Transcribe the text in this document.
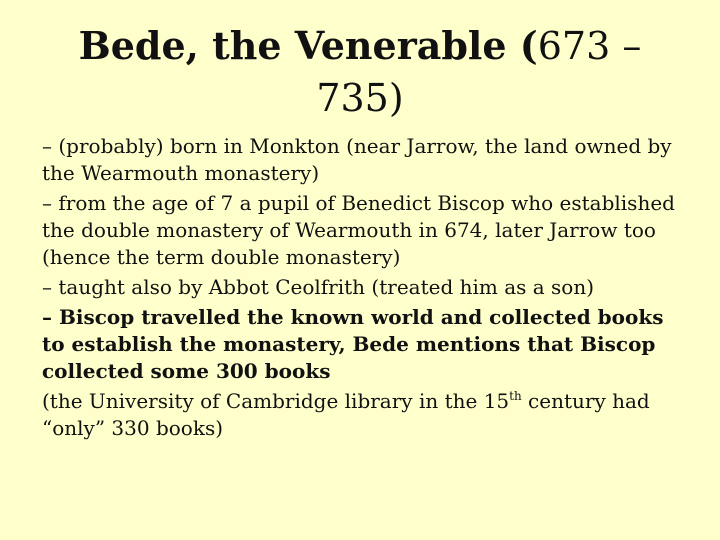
Bede, the Venerable (673 – 735)
– (probably) born in Monkton (near Jarrow, the land owned by the Wearmouth monastery)
– from the age of 7 a pupil of Benedict Biscop who established the double monastery of Wearmouth in 674, later Jarrow too (hence the term double monastery)
– taught also by Abbot Ceolfrith (treated him as a son)
– Biscop travelled the known world and collected books to establish the monastery, Bede mentions that Biscop collected some 300 books
(the University of Cambridge library in the 15th century had “only” 330 books)
